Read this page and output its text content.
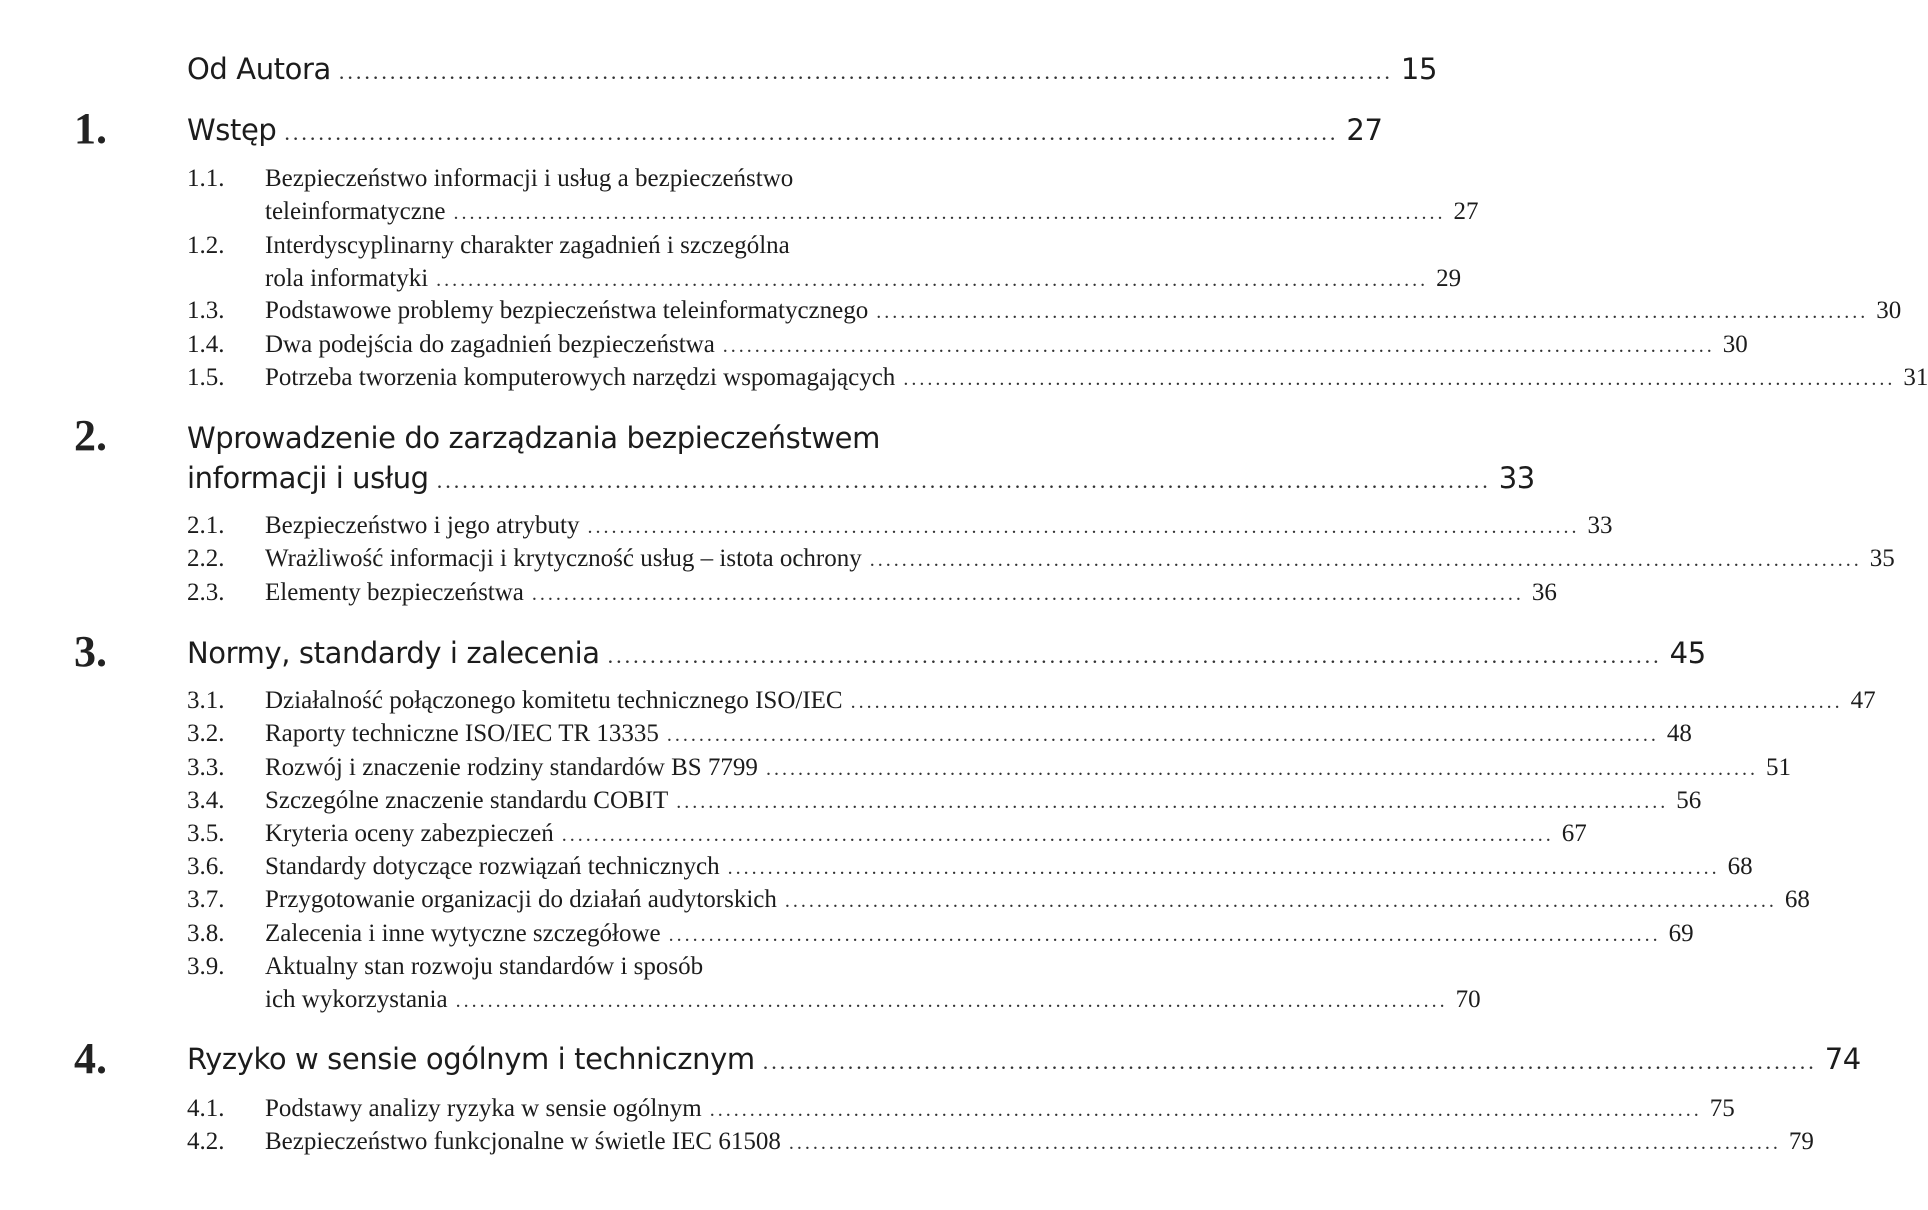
Od Autora ............................................................................................................................ 15
1.	Wstęp ............................................................................................................................ 27
1.1.	Bezpieczeństwo informacji i usług a bezpieczeństwo
teleinformatyczne ............................................................................................................................ 27
1.2.	Interdyscyplinarny charakter zagadnień i szczególna
rola informatyki ............................................................................................................................ 29
1.3.	Podstawowe problemy bezpieczeństwa teleinformatycznego ............................................................................................................................ 30
1.4.	Dwa podejścia do zagadnień bezpieczeństwa ............................................................................................................................ 30
1.5.	Potrzeba tworzenia komputerowych narzędzi wspomagających ............................................................................................................................ 31
2.	Wprowadzenie do zarządzania bezpieczeństwem
informacji i usług ............................................................................................................................ 33
2.1.	Bezpieczeństwo i jego atrybuty ............................................................................................................................ 33
2.2.	Wrażliwość informacji i krytyczność usług – istota ochrony ............................................................................................................................ 35
2.3.	Elementy bezpieczeństwa ............................................................................................................................ 36
3.	Normy, standardy i zalecenia ............................................................................................................................ 45
3.1.	Działalność połączonego komitetu technicznego ISO/IEC ............................................................................................................................ 47
3.2.	Raporty techniczne ISO/IEC TR 13335 ............................................................................................................................ 48
3.3.	Rozwój i znaczenie rodziny standardów BS 7799 ............................................................................................................................ 51
3.4.	Szczególne znaczenie standardu COBIT ............................................................................................................................ 56
3.5.	Kryteria oceny zabezpieczeń ............................................................................................................................ 67
3.6.	Standardy dotyczące rozwiązań technicznych ............................................................................................................................ 68
3.7.	Przygotowanie organizacji do działań audytorskich ............................................................................................................................ 68
3.8.	Zalecenia i inne wytyczne szczegółowe ............................................................................................................................ 69
3.9.	Aktualny stan rozwoju standardów i sposób
ich wykorzystania ............................................................................................................................ 70
4.	Ryzyko w sensie ogólnym i technicznym ............................................................................................................................ 74
4.1.	Podstawy analizy ryzyka w sensie ogólnym ............................................................................................................................ 75
4.2.	Bezpieczeństwo funkcjonalne w świetle IEC 61508 ............................................................................................................................ 79
